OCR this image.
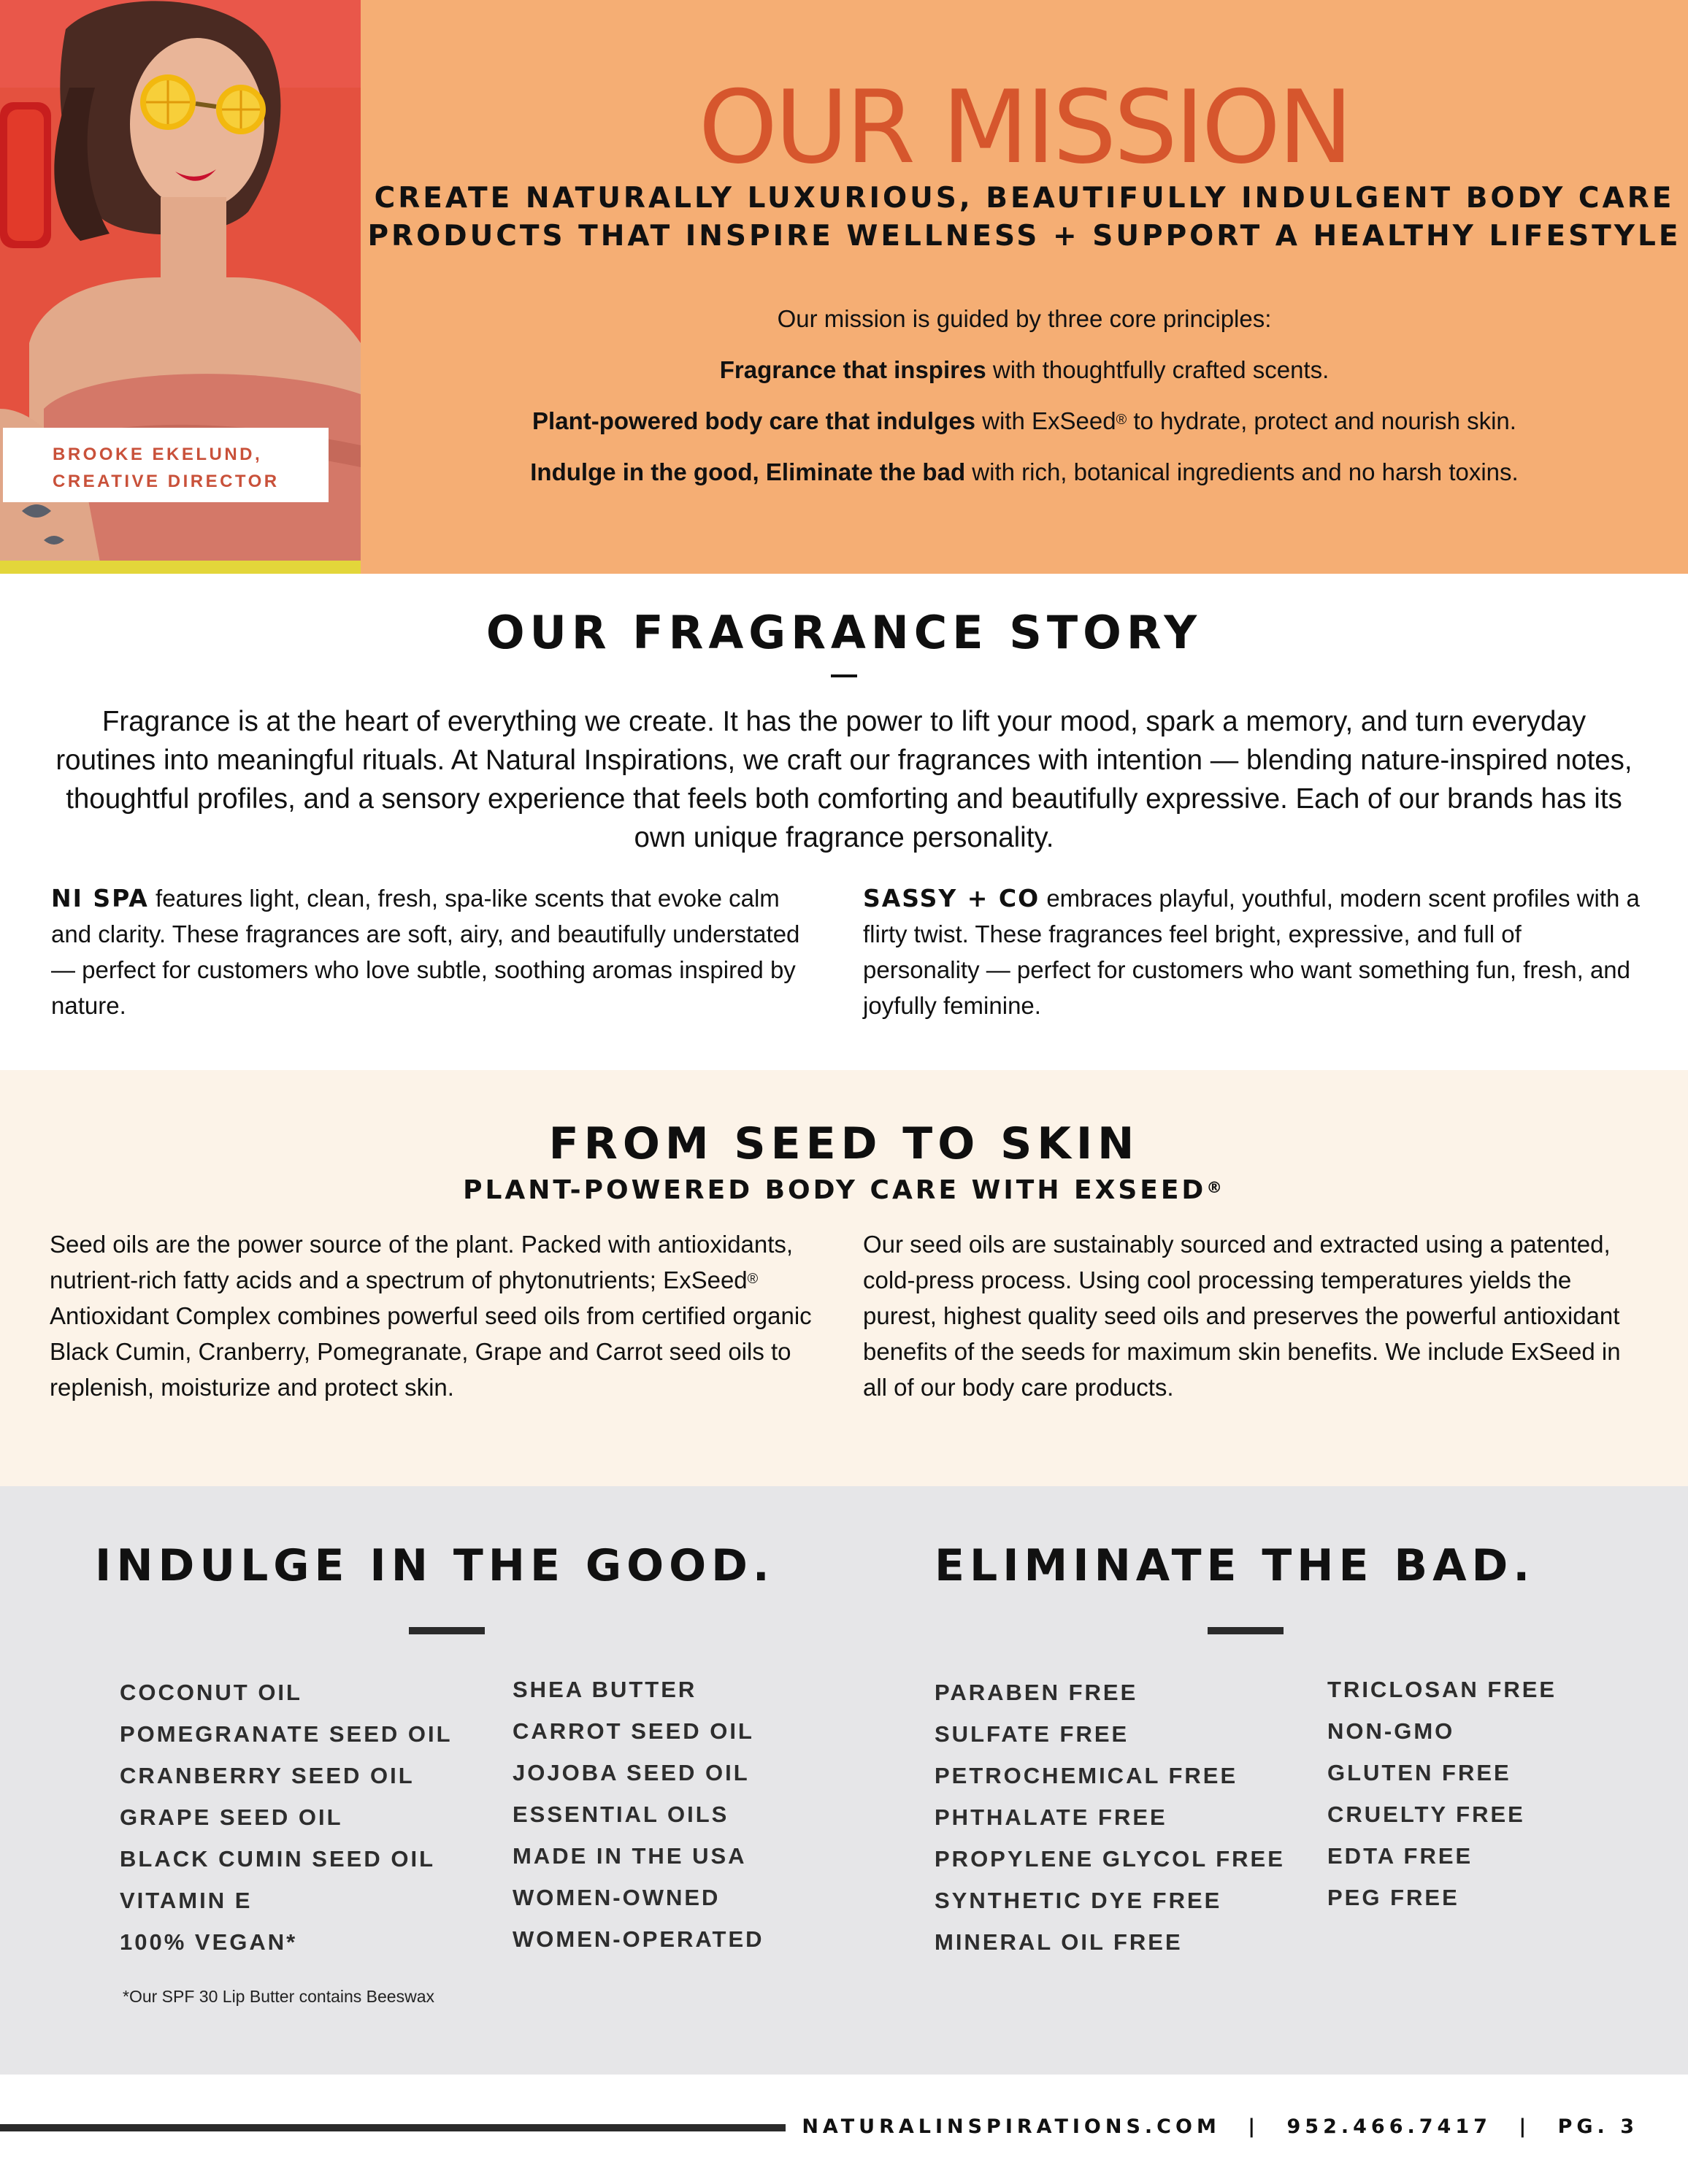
BROOKE EKELUND,
CREATIVE DIRECTOR
OUR MISSION
CREATE NATURALLY LUXURIOUS, BEAUTIFULLY INDULGENT BODY CARE PRODUCTS THAT INSPIRE WELLNESS + SUPPORT A HEALTHY LIFESTYLE

Our mission is guided by three core principles:

Fragrance that inspires with thoughtfully crafted scents.

Plant-powered body care that indulges with ExSeed® to hydrate, protect and nourish skin.

Indulge in the good, Eliminate the bad with rich, botanical ingredients and no harsh toxins.

OUR FRAGRANCE STORY

Fragrance is at the heart of everything we create. It has the power to lift your mood, spark a memory, and turn everyday routines into meaningful rituals. At Natural Inspirations, we craft our fragrances with intention — blending nature-inspired notes, thoughtful profiles, and a sensory experience that feels both comforting and beautifully expressive. Each of our brands has its own unique fragrance personality.

NI SPA features light, clean, fresh, spa-like scents that evoke calm and clarity. These fragrances are soft, airy, and beautifully understated — perfect for customers who love subtle, soothing aromas inspired by nature.

SASSY + CO embraces playful, youthful, modern scent profiles with a flirty twist. These fragrances feel bright, expressive, and full of personality — perfect for customers who want something fun, fresh, and joyfully feminine.

FROM SEED TO SKIN
PLANT-POWERED BODY CARE WITH EXSEED®

Seed oils are the power source of the plant. Packed with antioxidants, nutrient-rich fatty acids and a spectrum of phytonutrients; ExSeed® Antioxidant Complex combines powerful seed oils from certified organic Black Cumin, Cranberry, Pomegranate, Grape and Carrot seed oils to replenish, moisturize and protect skin.

Our seed oils are sustainably sourced and extracted using a patented, cold-press process. Using cool processing temperatures yields the purest, highest quality seed oils and preserves the powerful antioxidant benefits of the seeds for maximum skin benefits. We include ExSeed in all of our body care products.

INDULGE IN THE GOOD.	ELIMINATE THE BAD.
COCONUT OIL
POMEGRANATE SEED OIL
CRANBERRY SEED OIL
GRAPE SEED OIL
BLACK CUMIN SEED OIL
VITAMIN E
100% VEGAN*
SHEA BUTTER
CARROT SEED OIL
JOJOBA SEED OIL
ESSENTIAL OILS
MADE IN THE USA
WOMEN-OWNED
WOMEN-OPERATED

*Our SPF 30 Lip Butter contains Beeswax

PARABEN FREE
SULFATE FREE
PETROCHEMICAL FREE
PHTHALATE FREE
PROPYLENE GLYCOL FREE
SYNTHETIC DYE FREE
MINERAL OIL FREE
TRICLOSAN FREE
NON-GMO
GLUTEN FREE
CRUELTY FREE
EDTA FREE
PEG FREE
NATURALINSPIRATIONS.COM | 952.466.7417 | PG. 3
